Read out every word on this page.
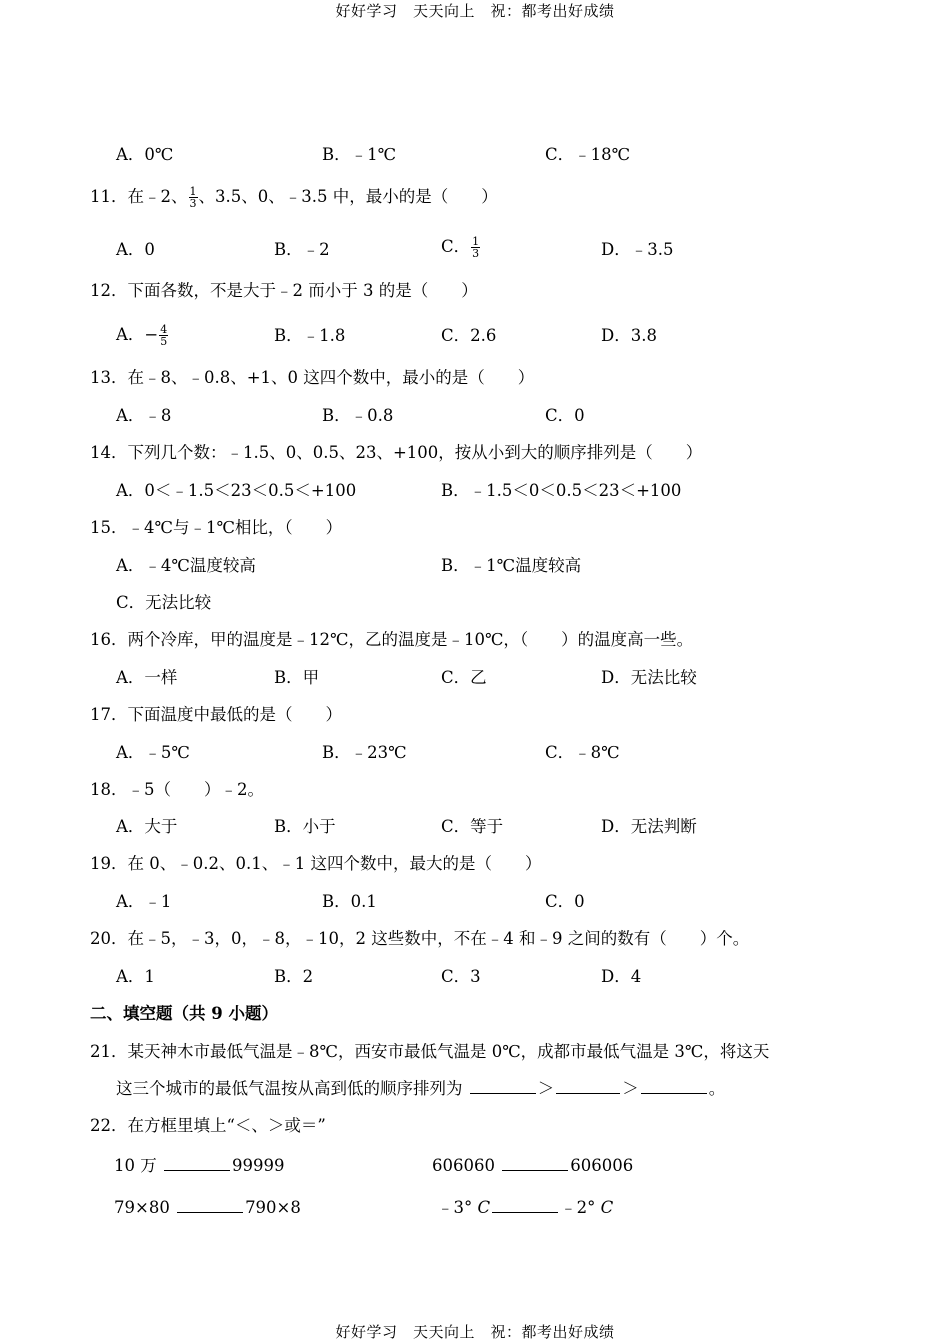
好好学习　天天向上　祝：都考出好成绩
A．0℃	B．﹣1℃	C．﹣18℃
11．在﹣2、 $\frac{1}{3}$ 、3.5、0、﹣3.5 中，最小的是（　　）
A．0	B．﹣2	C． $\frac{1}{3}$	D．﹣3.5
12．下面各数，不是大于﹣2 而小于 3 的是（　　）
A．− $\frac{4}{5}$	B．﹣1.8	C．2.6	D．3.8
13．在﹣8、﹣0.8、+1、0 这四个数中，最小的是（　　）
A．﹣8	B．﹣0.8	C．0
14．下列几个数：﹣1.5、0、0.5、23、+100，按从小到大的顺序排列是（　　）
A．0＜﹣1.5＜23＜0.5＜+100	B．﹣1.5＜0＜0.5＜23＜+100
15．﹣4℃与﹣1℃相比，（　　）
A．﹣4℃温度较高	B．﹣1℃温度较高
C．无法比较
16．两个冷库，甲的温度是﹣12℃，乙的温度是﹣10℃，（　　）的温度高一些。
A．一样	B．甲	C．乙	D．无法比较
17．下面温度中最低的是（　　）
A．﹣5℃	B．﹣23℃	C．﹣8℃
18．﹣5（　　）﹣2。
A．大于	B．小于	C．等于	D．无法判断
19．在 0、﹣0.2、0.1、﹣1 这四个数中，最大的是（　　）
A．﹣1	B．0.1	C．0
20．在﹣5，﹣3，0，﹣8，﹣10，2 这些数中，不在﹣4 和﹣9 之间的数有（　　）个。
A．1	B．2	C．3	D．4
二、填空题（共 9 小题）
21．某天神木市最低气温是﹣8℃，西安市最低气温是 0℃，成都市最低气温是 3℃，将这天
这三个城市的最低气温按从高到低的顺序排列为	＞	＞	。
22．在方框里填上“＜、＞或＝”
10 万	99999	606060	606006
79×80	790×8	﹣3° C	﹣2° C
好好学习　天天向上　祝：都考出好成绩
